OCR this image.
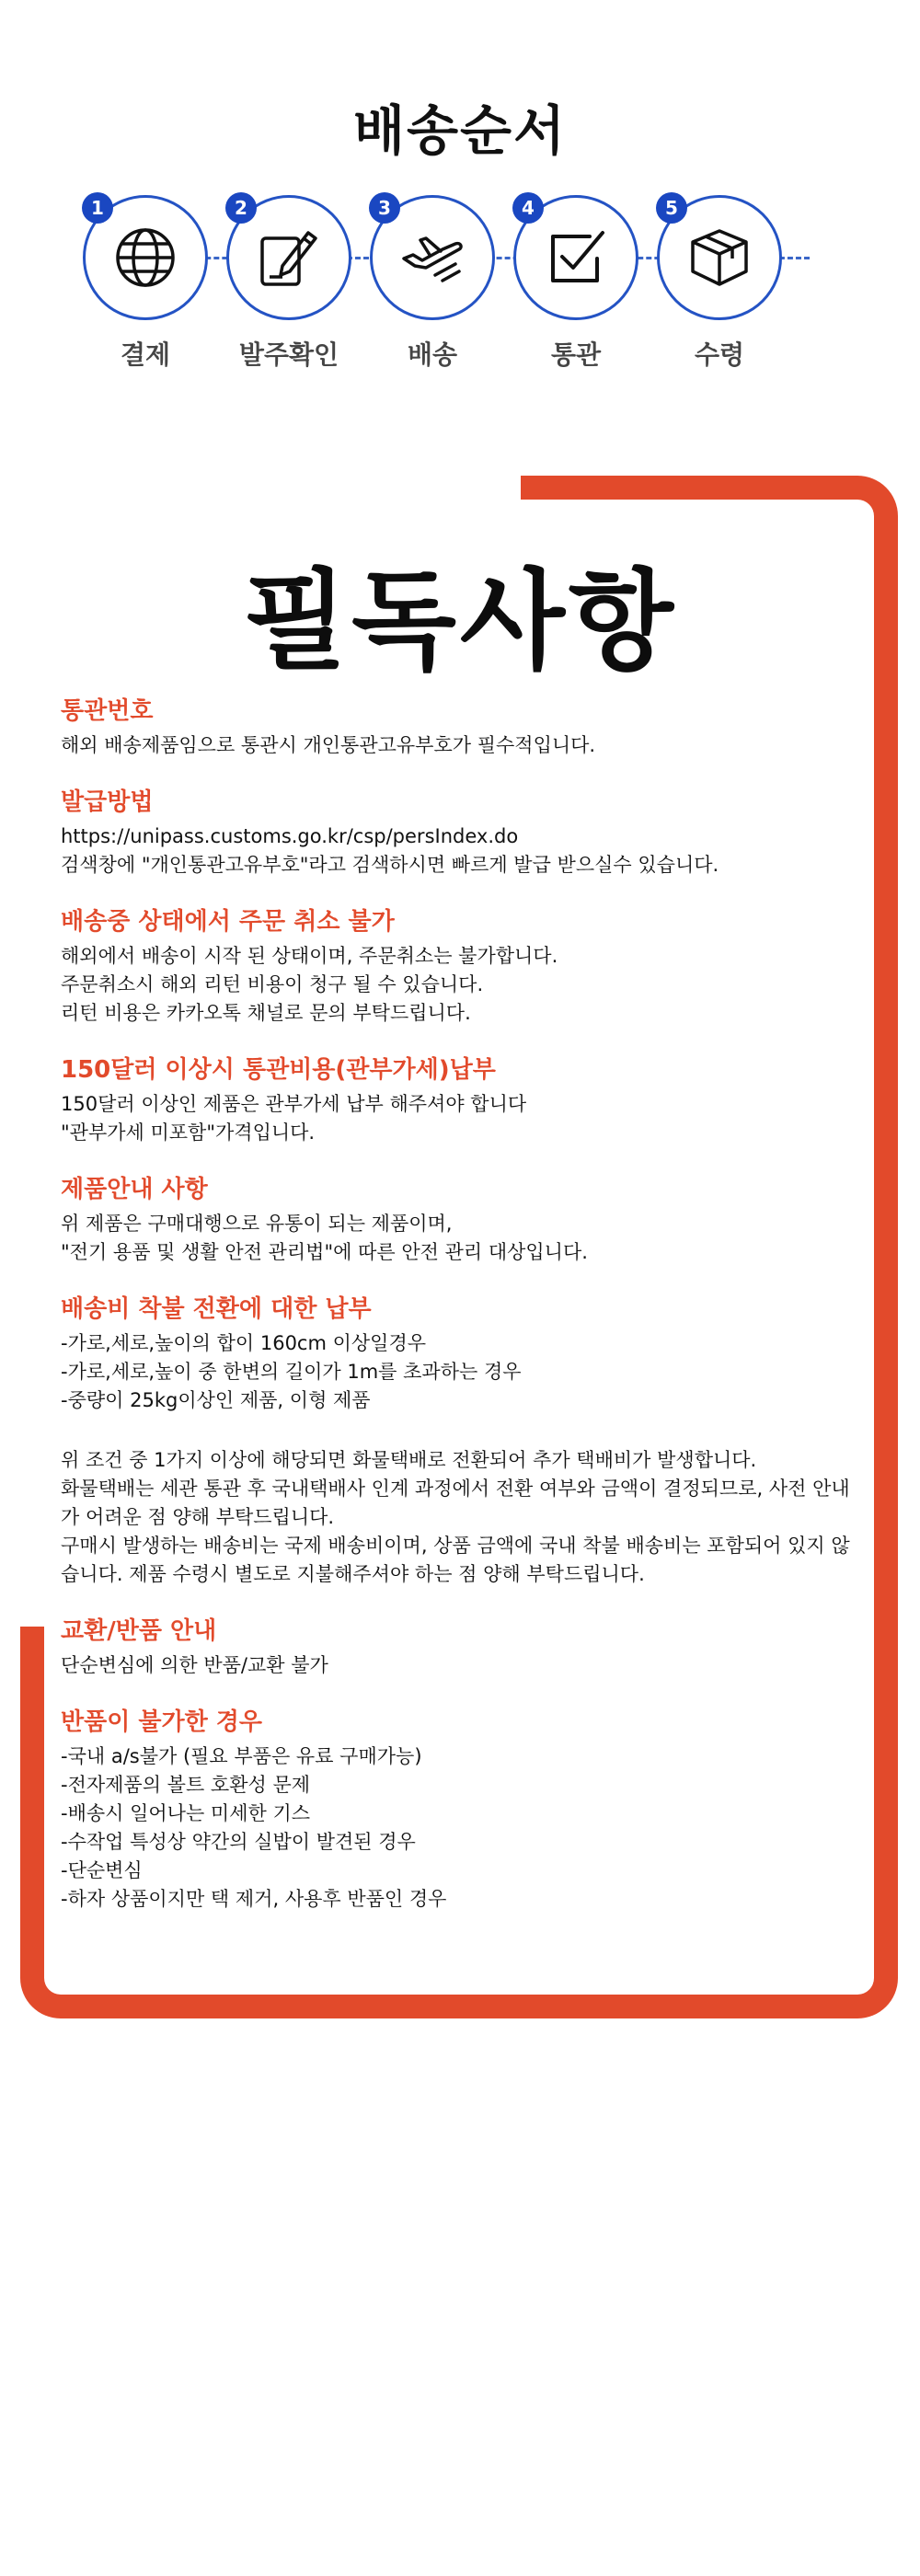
배송순서
1
결제
2
발주확인
3
배송
4
통관
5
수령
필독사항
통관번호
해외 배송제품임으로 통관시 개인통관고유부호가 필수적입니다.
발급방법
https://unipass.customs.go.kr/csp/persIndex.do
검색창에 "개인통관고유부호"라고 검색하시면 빠르게 발급 받으실수 있습니다.
배송중 상태에서 주문 취소 불가
해외에서 배송이 시작 된 상태이며, 주문취소는 불가합니다.
주문취소시 해외 리턴 비용이 청구 될 수 있습니다.
리턴 비용은 카카오톡 채널로 문의 부탁드립니다.
150달러 이상시 통관비용(관부가세)납부
150달러 이상인 제품은 관부가세 납부 해주셔야 합니다
"관부가세 미포함"가격입니다.
제품안내 사항
위 제품은 구매대행으로 유통이 되는 제품이며,
"전기 용품 및 생활 안전 관리법"에 따른 안전 관리 대상입니다.
배송비 착불 전환에 대한 납부
-가로,세로,높이의 합이 160cm 이상일경우
-가로,세로,높이 중 한변의 길이가 1m를 초과하는 경우
-중량이 25kg이상인 제품, 이형 제품
위 조건 중 1가지 이상에 해당되면 화물택배로 전환되어 추가 택배비가 발생합니다.
화물택배는 세관 통관 후 국내택배사 인계 과정에서 전환 여부와 금액이 결정되므로, 사전 안내가 어려운 점 양해 부탁드립니다.
구매시 발생하는 배송비는 국제 배송비이며, 상품 금액에 국내 착불 배송비는 포함되어 있지 않습니다. 제품 수령시 별도로 지불해주셔야 하는 점 양해 부탁드립니다.
교환/반품 안내
단순변심에 의한 반품/교환 불가
반품이 불가한 경우
-국내 a/s불가 (필요 부품은 유료 구매가능)
-전자제품의 볼트 호환성 문제
-배송시 일어나는 미세한 기스
-수작업 특성상 약간의 실밥이 발견된 경우
-단순변심
-하자 상품이지만 택 제거, 사용후 반품인 경우
